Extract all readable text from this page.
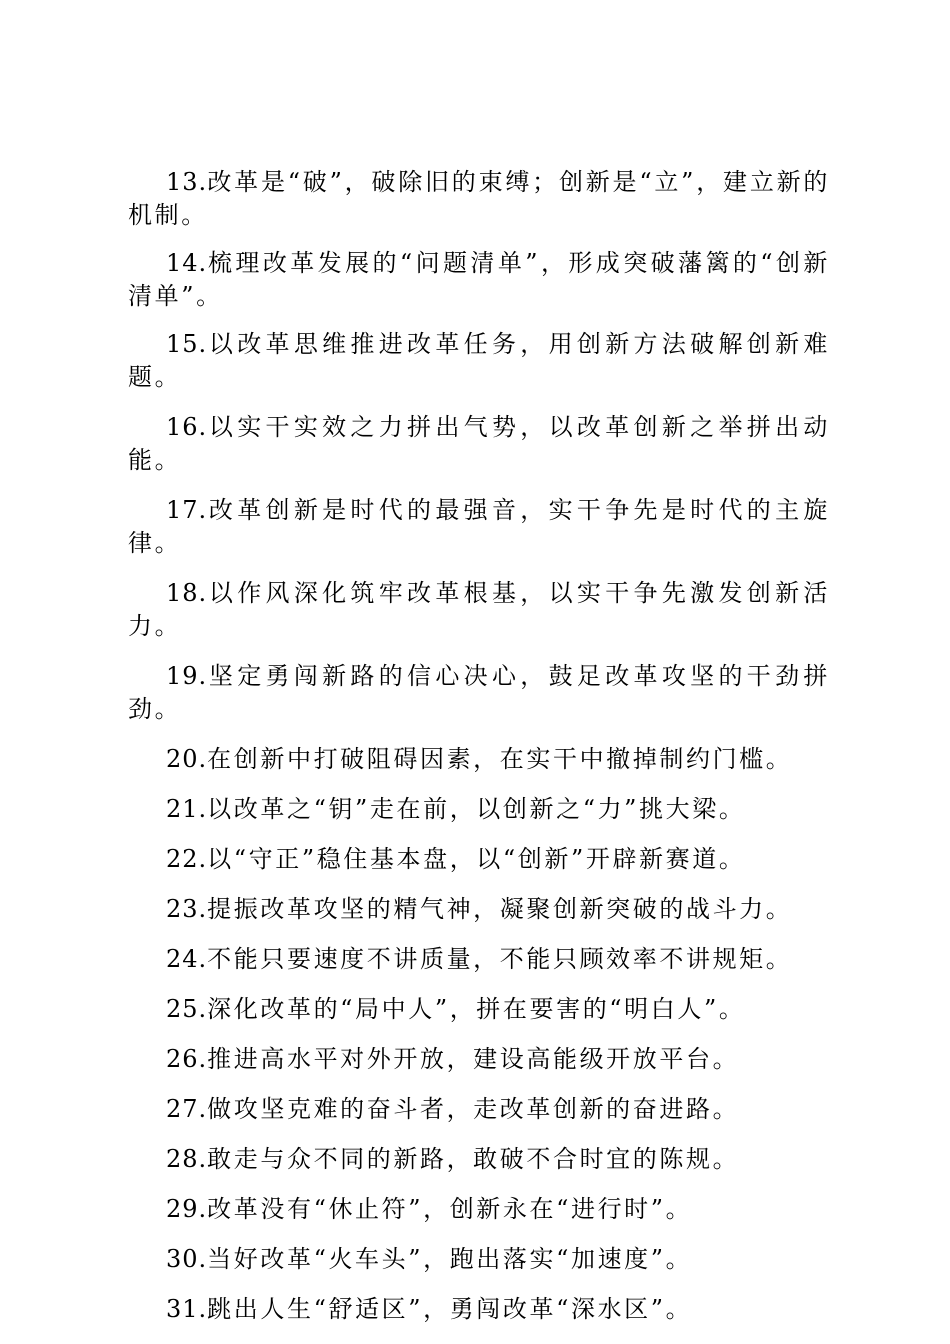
13.改革是“破”，破除旧的束缚；创新是“立”，建立新的机制。

14.梳理改革发展的“问题清单”，形成突破藩篱的“创新清单”。

15.以改革思维推进改革任务，用创新方法破解创新难题。

16.以实干实效之力拼出气势，以改革创新之举拼出动能。

17.改革创新是时代的最强音，实干争先是时代的主旋律。

18.以作风深化筑牢改革根基，以实干争先激发创新活力。

19.坚定勇闯新路的信心决心，鼓足改革攻坚的干劲拼劲。

20.在创新中打破阻碍因素，在实干中撤掉制约门槛。

21.以改革之“钥”走在前，以创新之“力”挑大梁。

22.以“守正”稳住基本盘，以“创新”开辟新赛道。

23.提振改革攻坚的精气神，凝聚创新突破的战斗力。

24.不能只要速度不讲质量，不能只顾效率不讲规矩。

25.深化改革的“局中人”，拼在要害的“明白人”。

26.推进高水平对外开放，建设高能级开放平台。

27.做攻坚克难的奋斗者，走改革创新的奋进路。

28.敢走与众不同的新路，敢破不合时宜的陈规。

29.改革没有“休止符”，创新永在“进行时”。

30.当好改革“火车头”，跑出落实“加速度”。

31.跳出人生“舒适区”，勇闯改革“深水区”。
